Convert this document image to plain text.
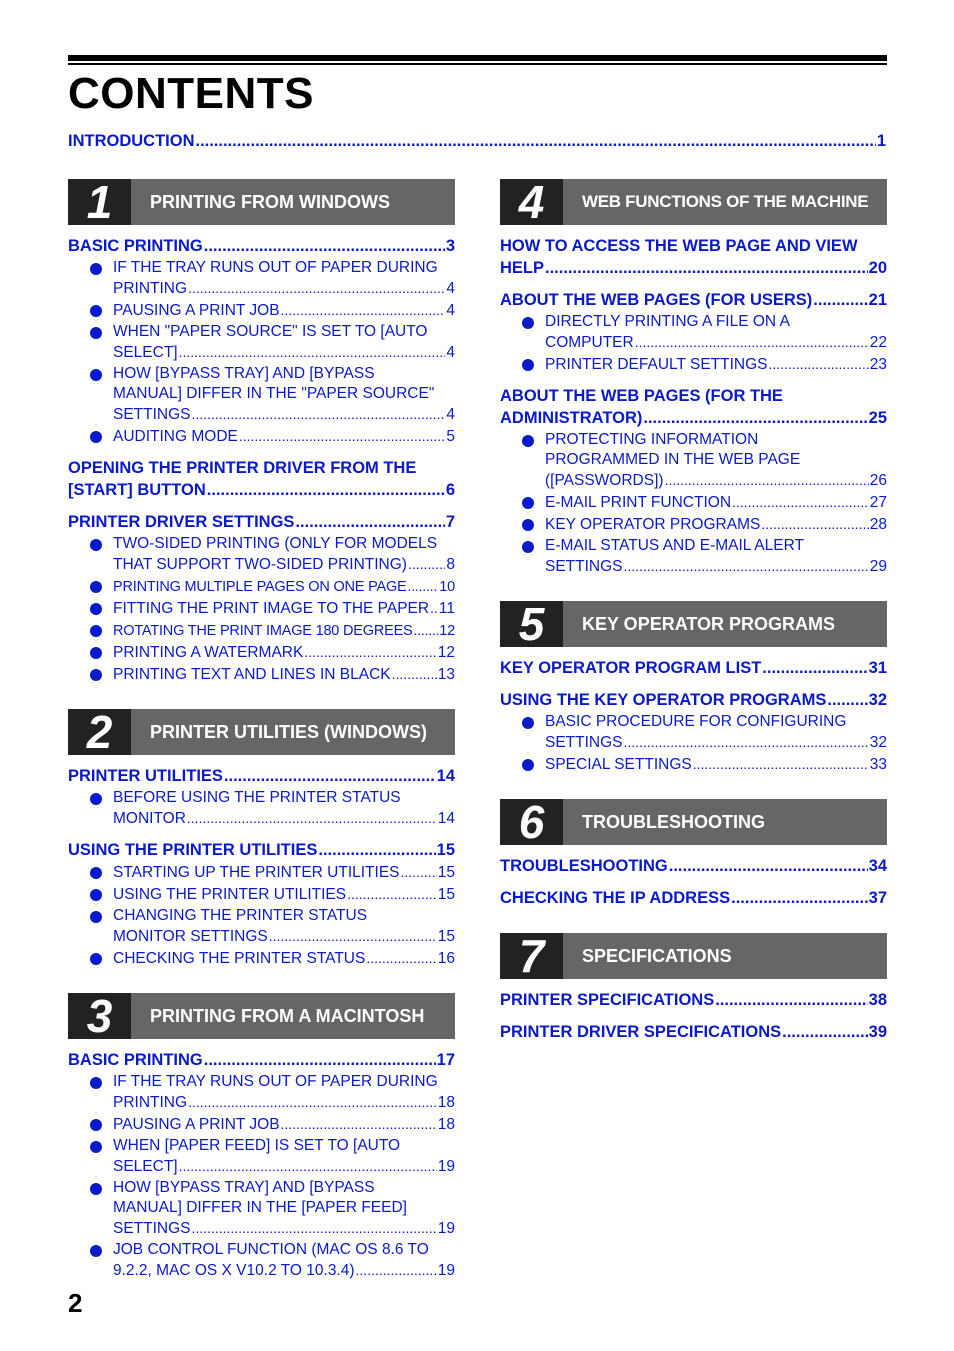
CONTENTS
INTRODUCTION .....	1
1	PRINTING FROM WINDOWS
BASIC PRINTING .....	3
IF THE TRAY RUNS OUT OF PAPER DURING
PRINTING .....	4
PAUSING A PRINT JOB .....	4
WHEN "PAPER SOURCE" IS SET TO [AUTO
SELECT] .....	4
HOW [BYPASS TRAY] AND [BYPASS
MANUAL] DIFFER IN THE "PAPER SOURCE"
SETTINGS .....	4
AUDITING MODE .....	5
OPENING THE PRINTER DRIVER FROM THE
[START] BUTTON .....	6
PRINTER DRIVER SETTINGS .....	7
TWO-SIDED PRINTING (ONLY FOR MODELS
THAT SUPPORT TWO-SIDED PRINTING) .....	8
PRINTING MULTIPLE PAGES ON ONE PAGE ..... 10
FITTING THE PRINT IMAGE TO THE PAPER ..... 11
ROTATING THE PRINT IMAGE 180 DEGREES ..... 12
PRINTING A WATERMARK .....	12
PRINTING TEXT AND LINES IN BLACK .....	13
2	PRINTER UTILITIES (WINDOWS)
PRINTER UTILITIES .....	14
BEFORE USING THE PRINTER STATUS
MONITOR .....	14
USING THE PRINTER UTILITIES .....	15
STARTING UP THE PRINTER UTILITIES ..... 15
USING THE PRINTER UTILITIES .....	15
CHANGING THE PRINTER STATUS
MONITOR SETTINGS .....	15
CHECKING THE PRINTER STATUS .....	16
3	PRINTING FROM A MACINTOSH
BASIC PRINTING .....	17
IF THE TRAY RUNS OUT OF PAPER DURING
PRINTING .....	18
PAUSING A PRINT JOB .....	18
WHEN [PAPER FEED] IS SET TO [AUTO
SELECT] .....	19
HOW [BYPASS TRAY] AND [BYPASS
MANUAL] DIFFER IN THE [PAPER FEED]
SETTINGS .....	19
JOB CONTROL FUNCTION (MAC OS 8.6 TO
9.2.2, MAC OS X V10.2 TO 10.3.4) .....	19
4	WEB FUNCTIONS OF THE MACHINE
HOW TO ACCESS THE WEB PAGE AND VIEW
HELP .....	20
ABOUT THE WEB PAGES (FOR USERS) .....	21
DIRECTLY PRINTING A FILE ON A
COMPUTER .....	22
PRINTER DEFAULT SETTINGS .....	23
ABOUT THE WEB PAGES (FOR THE
ADMINISTRATOR) .....	25
PROTECTING INFORMATION
PROGRAMMED IN THE WEB PAGE
([PASSWORDS]) .....	26
E-MAIL PRINT FUNCTION .....	27
KEY OPERATOR PROGRAMS .....	28
E-MAIL STATUS AND E-MAIL ALERT
SETTINGS .....	29
5	KEY OPERATOR PROGRAMS
KEY OPERATOR PROGRAM LIST .....	31
USING THE KEY OPERATOR PROGRAMS .....	32
BASIC PROCEDURE FOR CONFIGURING
SETTINGS .....	32
SPECIAL SETTINGS .....	33
6	TROUBLESHOOTING
TROUBLESHOOTING .....	34
CHECKING THE IP ADDRESS .....	37
7	SPECIFICATIONS
PRINTER SPECIFICATIONS .....	38
PRINTER DRIVER SPECIFICATIONS .....	39
2
